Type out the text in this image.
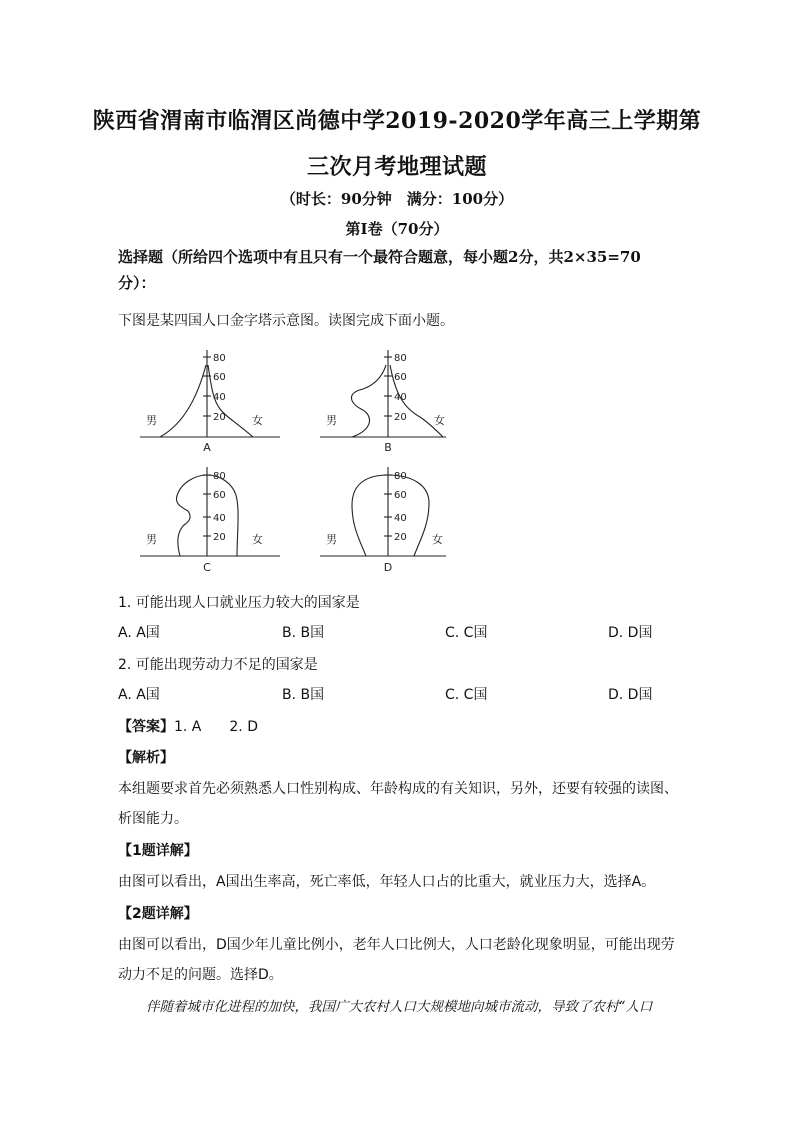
陕西省渭南市临渭区尚德中学2019-2020学年高三上学期第
三次月考地理试题
（时长：90分钟　满分：100分）
第Ⅰ卷（70分）
选择题（所给四个选项中有且只有一个最符合题意，每小题2分，共2×35=70
分）：
下图是某四国人口金字塔示意图。读图完成下面小题。
80
60
40
20
80
60
40
20
80
60
40
20
80
60
40
20
男	女	男	女
男	女	男	女
A	B
C	D
1. 可能出现人口就业压力较大的国家是
A. A国	B. B国	C. C国	D. D国
2. 可能出现劳动力不足的国家是
A. A国	B. B国	C. C国	D. D国
【答案】1. A　　2. D
【解析】
本组题要求首先必须熟悉人口性别构成、年龄构成的有关知识，另外，还要有较强的读图、
析图能力。
【1题详解】
由图可以看出，A国出生率高，死亡率低，年轻人口占的比重大，就业压力大，选择A。
【2题详解】
由图可以看出，D国少年儿童比例小，老年人口比例大，人口老龄化现象明显，可能出现劳
动力不足的问题。选择D。
伴随着城市化进程的加快，我国广大农村人口大规模地向城市流动，导致了农村“人口
